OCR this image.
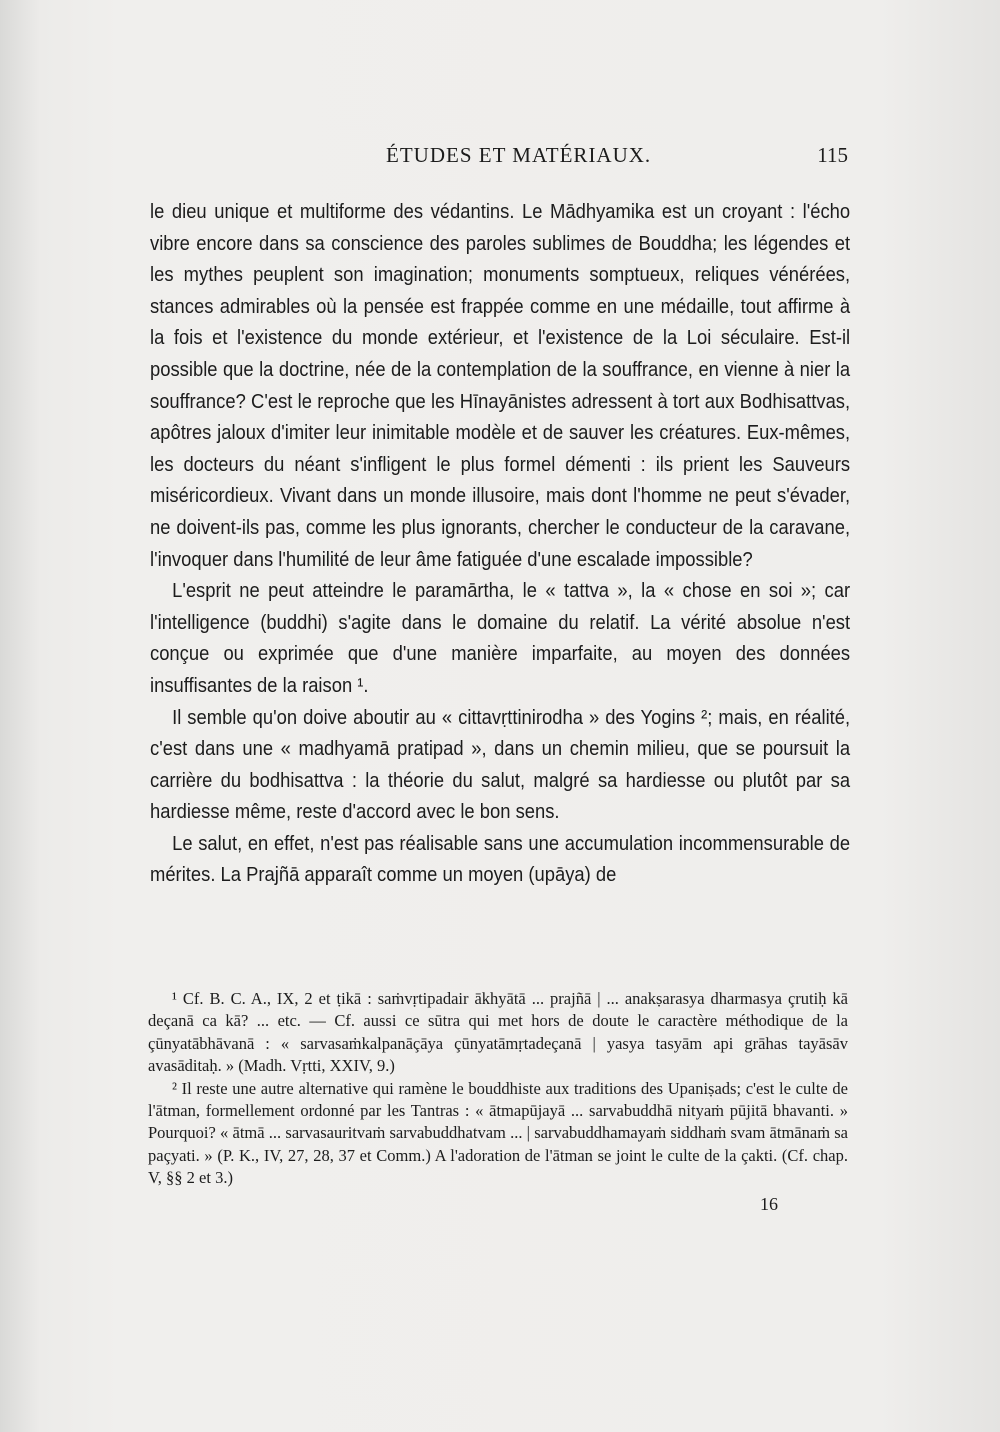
ÉTUDES ET MATÉRIAUX.	115

le dieu unique et multiforme des védantins. Le Mādhyamika est un croyant : l'écho vibre encore dans sa conscience des paroles sublimes de Bouddha; les légendes et les mythes peuplent son imagination; monuments somptueux, reliques vénérées, stances admirables où la pensée est frappée comme en une médaille, tout affirme à la fois et l'existence du monde extérieur, et l'existence de la Loi séculaire. Est-il possible que la doctrine, née de la contemplation de la souffrance, en vienne à nier la souffrance? C'est le reproche que les Hīnayānistes adressent à tort aux Bodhisattvas, apôtres jaloux d'imiter leur inimitable modèle et de sauver les créatures. Eux-mêmes, les docteurs du néant s'infligent le plus formel démenti : ils prient les Sauveurs miséricordieux. Vivant dans un monde illusoire, mais dont l'homme ne peut s'évader, ne doivent-ils pas, comme les plus ignorants, chercher le conducteur de la caravane, l'invoquer dans l'humilité de leur âme fatiguée d'une escalade impossible?

L'esprit ne peut atteindre le paramārtha, le « tattva », la « chose en soi »; car l'intelligence (buddhi) s'agite dans le domaine du relatif. La vérité absolue n'est conçue ou exprimée que d'une manière imparfaite, au moyen des données insuffisantes de la raison ¹.

Il semble qu'on doive aboutir au « cittavṛttinirodha » des Yogins ²; mais, en réalité, c'est dans une « madhyamā pratipad », dans un chemin milieu, que se poursuit la carrière du bodhisattva : la théorie du salut, malgré sa hardiesse ou plutôt par sa hardiesse même, reste d'accord avec le bon sens.

Le salut, en effet, n'est pas réalisable sans une accumulation incommensurable de mérites. La Prajñā apparaît comme un moyen (upāya) de

¹ Cf. B. C. A., IX, 2 et ṭikā : saṁvṛtipadair ākhyātā ... prajñā | ... anakṣarasya dharmasya çrutiḥ kā deçanā ca kā? ... etc. — Cf. aussi ce sūtra qui met hors de doute le caractère méthodique de la çūnyatābhāvanā : « sarvasaṁkalpanāçāya çūnyatāmṛtadeçanā | yasya tasyām api grāhas tayāsāv avasāditaḥ. » (Madh. Vṛtti, XXIV, 9.)

² Il reste une autre alternative qui ramène le bouddhiste aux traditions des Upaniṣads; c'est le culte de l'ātman, formellement ordonné par les Tantras : « ātmapūjayā ... sarvabuddhā nityaṁ pūjitā bhavanti. » Pourquoi? « ātmā ... sarvasauritvaṁ sarvabuddhatvam ... | sarvabuddhamayaṁ siddhaṁ svam ātmānaṁ sa paçyati. » (P. K., IV, 27, 28, 37 et Comm.) A l'adoration de l'ātman se joint le culte de la çakti. (Cf. chap. V, §§ 2 et 3.)

16
